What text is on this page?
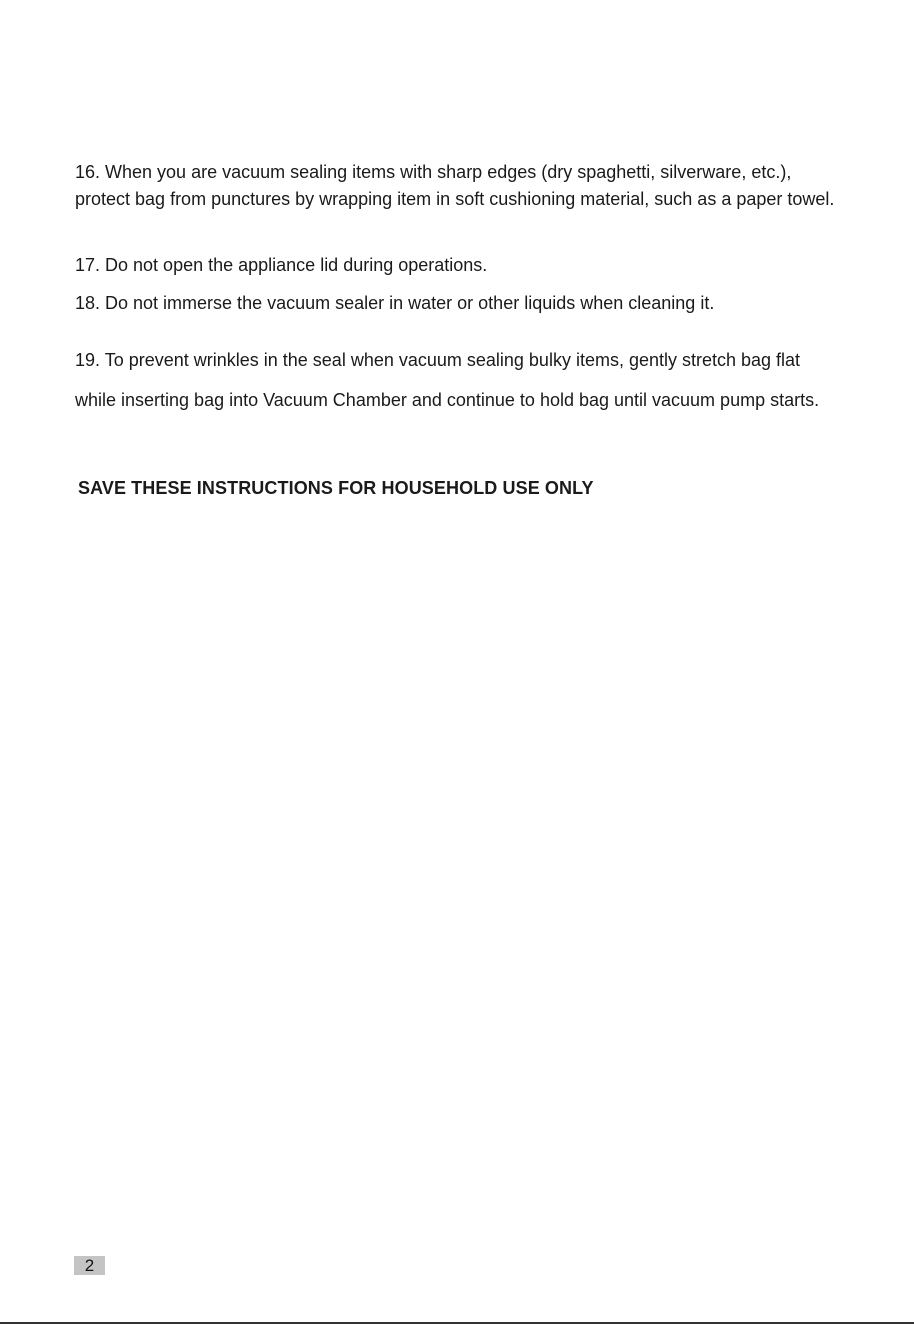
16. When you are vacuum sealing items with sharp edges (dry spaghetti, silverware, etc.), protect bag from punctures by wrapping item in soft cushioning material, such as a paper towel.

17. Do not open the appliance lid during operations.

18. Do not immerse the vacuum sealer in water or other liquids when cleaning it.

19. To prevent wrinkles in the seal when vacuum sealing bulky items, gently stretch bag flat while inserting bag into Vacuum Chamber and continue to hold bag until vacuum pump starts.

SAVE THESE INSTRUCTIONS FOR HOUSEHOLD USE ONLY

2
